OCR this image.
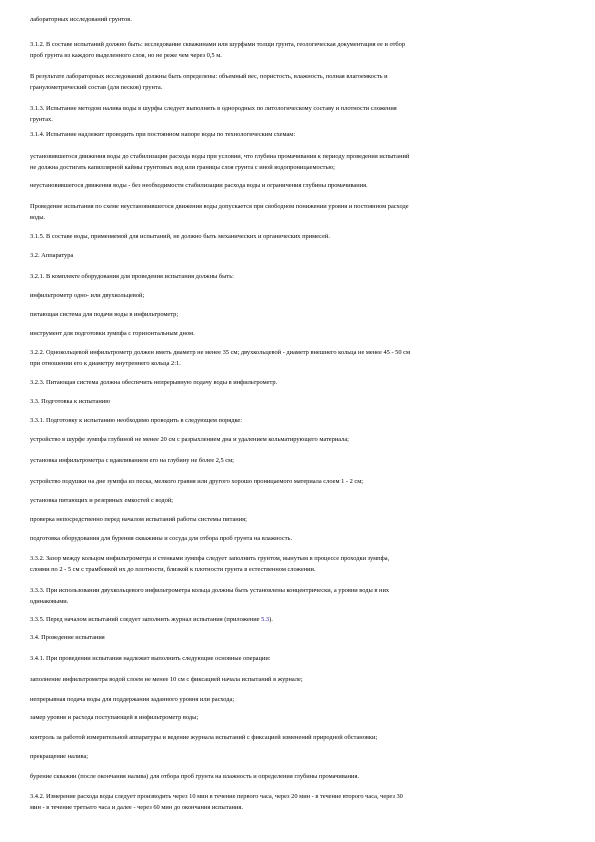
лабораторных исследований грунтов.
3.1.2. В составе испытаний должно быть: исследование скважинами или шурфами толщи грунта, геологическая документация ее и отбор
проб грунта из каждого выделенного слоя, но не реже чем через 0,5 м.
В результате лабораторных исследований должны быть определены: объемный вес, пористость, влажность, полная влагоемкость и
гранулометрический состав (для песков) грунта.
3.1.3. Испытание методом налива воды в шурфы следует выполнять в однородных по литологическому составу и плотности сложения
грунтах.
3.1.4. Испытание надлежит проводить при постоянном напоре воды по технологическим схемам:
установившегося движения воды до стабилизации расхода воды при условии, что глубина промачивания к периоду проведения испытаний
не должна достигать капиллярной каймы грунтовых вод или границы слоя грунта с иной водопроницаемостью;
неустановившегося движения воды - без необходимости стабилизации расхода воды и ограничения глубины промачивания.
Проведение испытания по схеме неустановившегося движения воды допускается при свободном понижении уровня и постоянном расходе
воды.
3.1.5. В составе воды, применяемой для испытаний, не должно быть механических и органических примесей.
3.2. Аппаратура
3.2.1. В комплекте оборудования для проведения испытания должны быть:
инфильтрометр одно- или двухкольцевой;
питающая система для подачи воды в инфильтрометр;
инструмент для подготовки зумпфа с горизонтальным дном.
3.2.2. Однокольцевой инфильтрометр должен иметь диаметр не менее 35 см; двухкольцевой - диаметр внешнего кольца не менее 45 - 50 см
при отношении его к диаметру внутреннего кольца 2:1.
3.2.3. Питающая система должна обеспечить непрерывную подачу воды в инфильтрометр.
3.3. Подготовка к испытанию
3.3.1. Подготовку к испытанию необходимо проводить в следующем порядке:
устройство в шурфе зумпфа глубиной не менее 20 см с разрыхлением дна и удалением кольматирующего материала;
установка инфильтрометра с вдавливанием его на глубину не более 2,5 см;
устройство подушки на дне зумпфа из песка, мелкого гравия или другого хорошо проницаемого материала слоем 1 - 2 см;
установка питающих и резервных емкостей с водой;
проверка непосредственно перед началом испытаний работы системы питания;
подготовка оборудования для бурения скважины и сосуда для отбора проб грунта на влажность.
3.3.2. Зазор между кольцом инфильтрометра и стенками зумпфа следует заполнить грунтом, вынутым в процессе проходки зумпфа,
слоями по 2 - 5 см с трамбовкой их до плотности, близкой к плотности грунта в естественном сложении.
3.3.3. При использовании двухкольцевого инфильтрометра кольца должны быть установлены концентрически, а уровни воды в них
одинаковыми.
3.3.5. Перед началом испытаний следует заполнить журнал испытания (приложение 5.3).
3.4. Проведение испытания
3.4.1. При проведении испытания надлежит выполнить следующие основные операции:
заполнение инфильтрометра водой слоем не менее 10 см с фиксацией начала испытаний в журнале;
непрерывная подача воды для поддержания заданного уровня или расхода;
замер уровня и расхода поступающей в инфильтрометр воды;
контроль за работой измерительной аппаратуры и ведение журнала испытаний с фиксацией изменений природной обстановки;
прекращение налива;
бурение скважин (после окончания налива) для отбора проб грунта на влажность и определения глубины промачивания.
3.4.2. Измерение расхода воды следует производить через 10 мин в течение первого часа, через 20 мин - в течение второго часа, через 30
мин - в течение третьего часа и далее - через 60 мин до окончания испытания.
